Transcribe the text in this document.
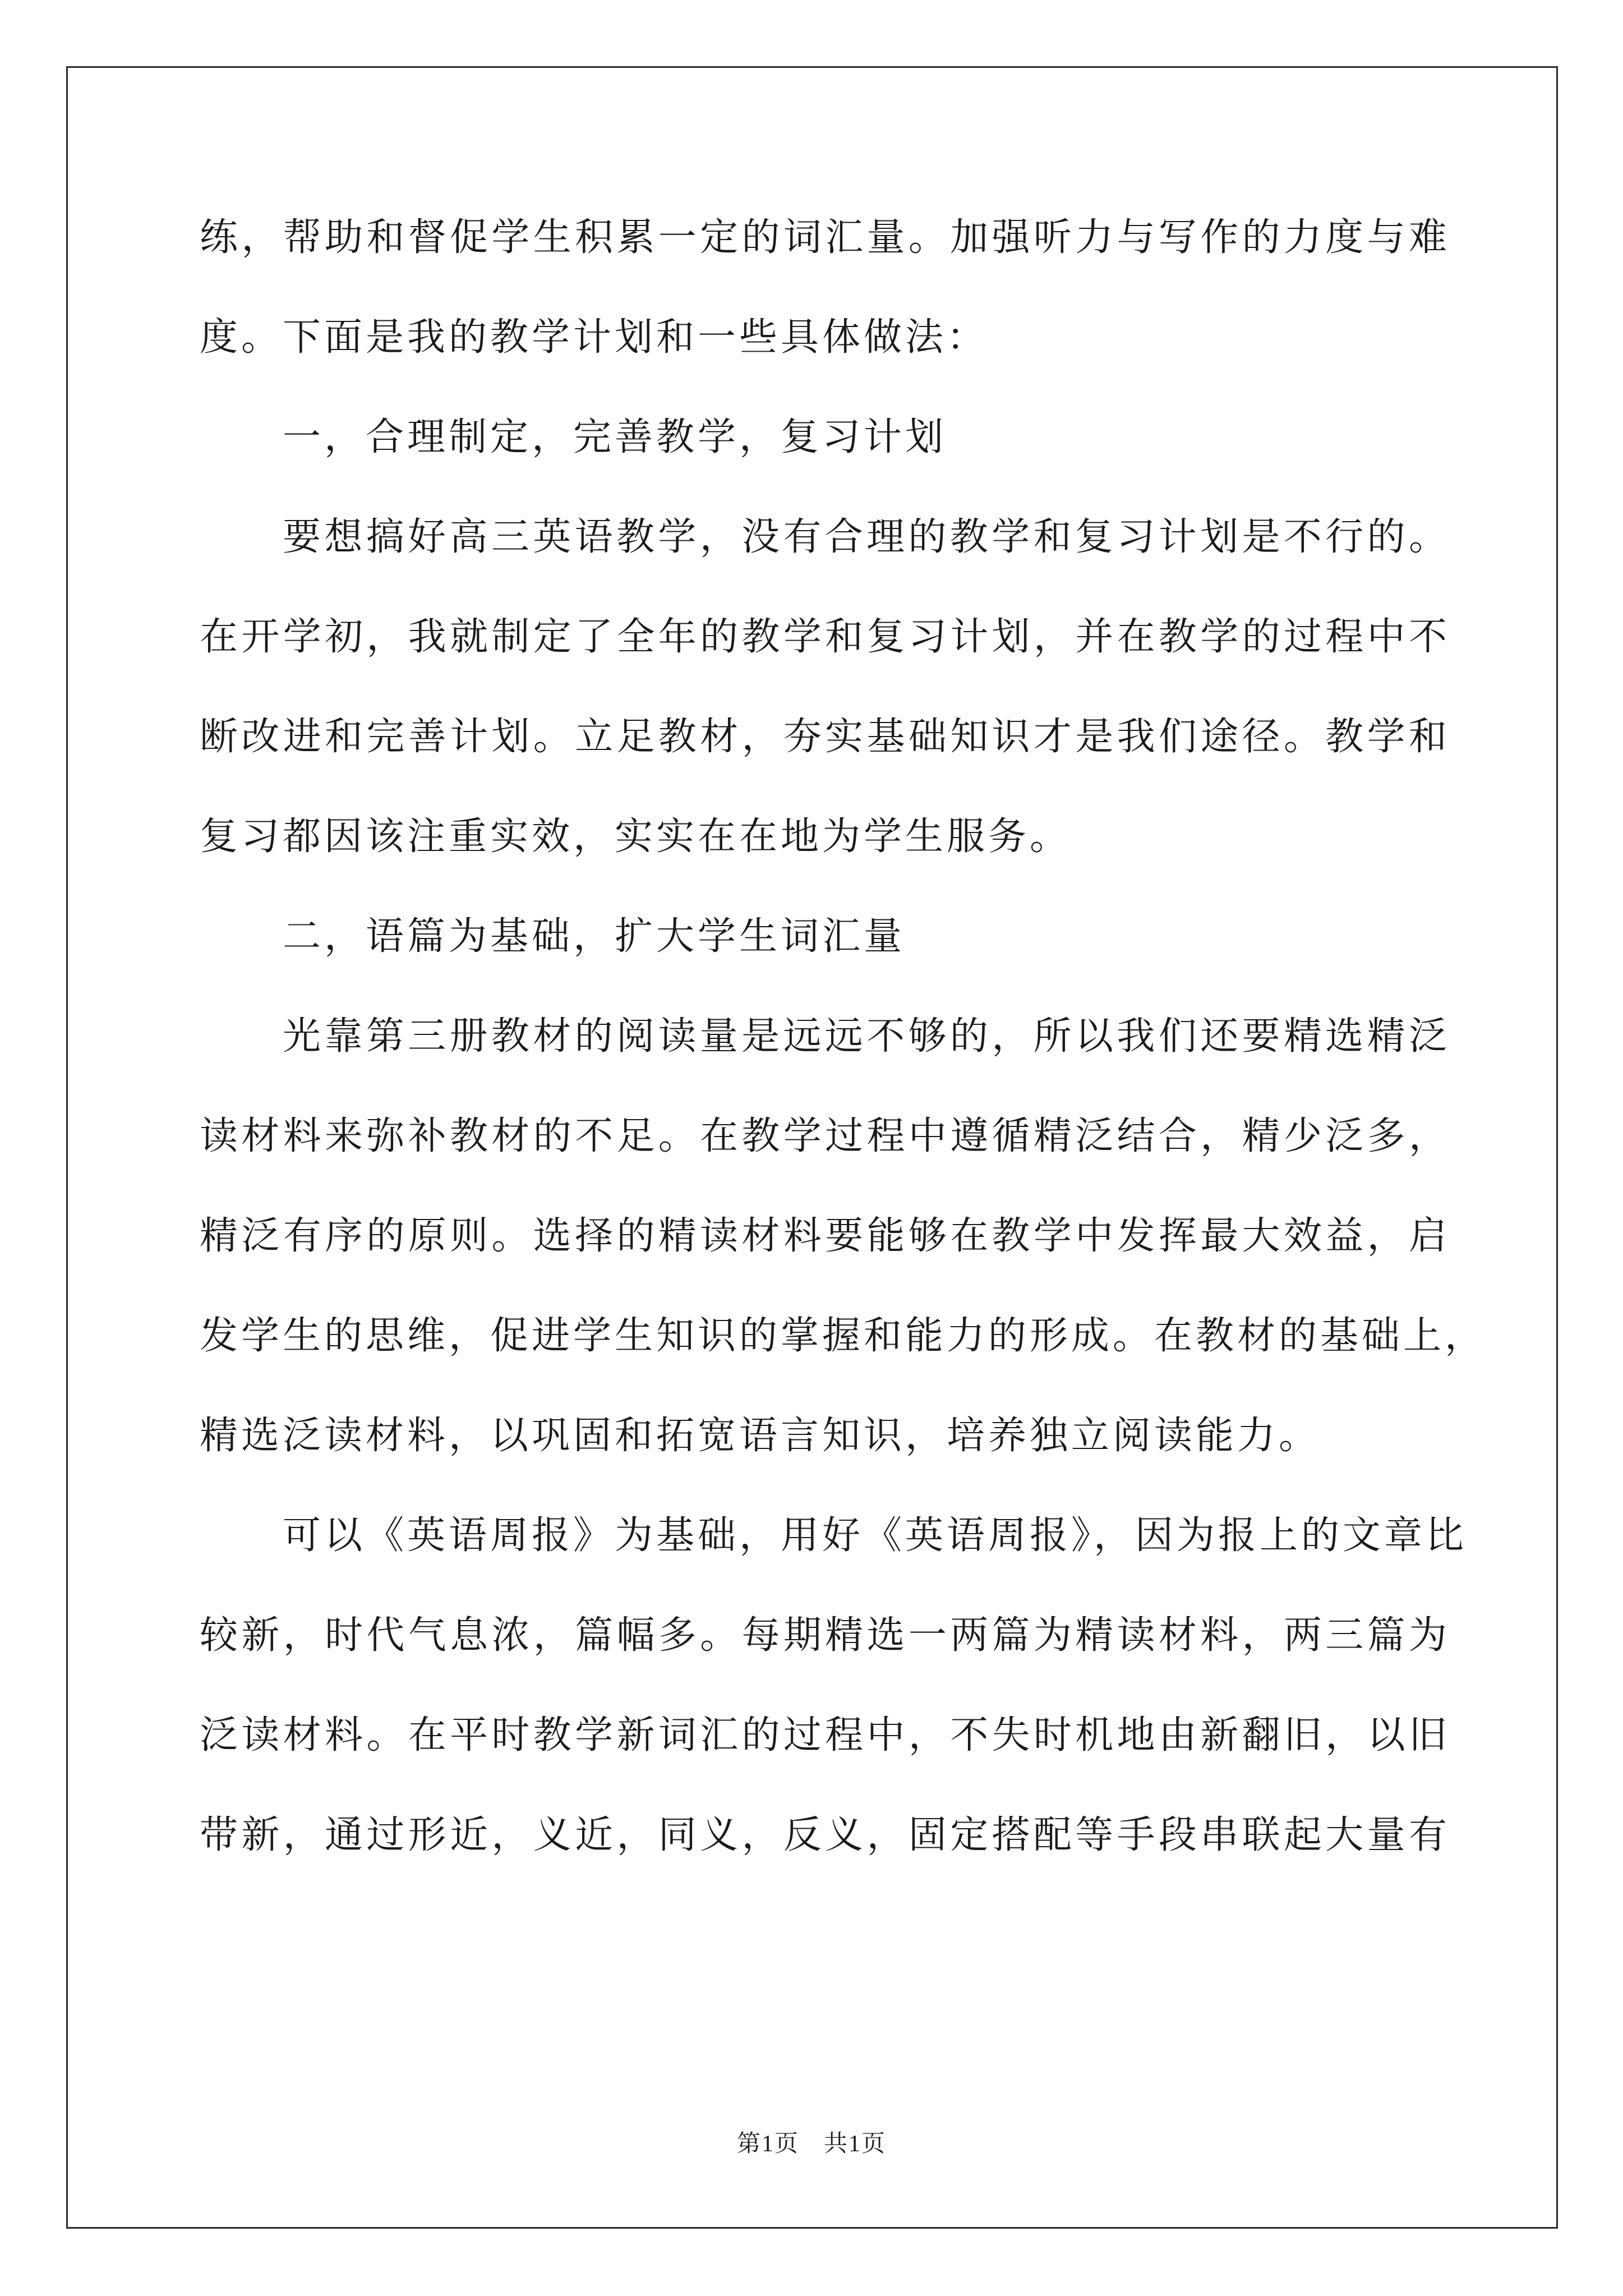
练，帮助和督促学生积累一定的词汇量。加强听力与写作的力度与难
度。下面是我的教学计划和一些具体做法：
一，合理制定，完善教学，复习计划
要想搞好高三英语教学，没有合理的教学和复习计划是不行的。
在开学初，我就制定了全年的教学和复习计划，并在教学的过程中不
断改进和完善计划。立足教材，夯实基础知识才是我们途径。教学和
复习都因该注重实效，实实在在地为学生服务。
二，语篇为基础，扩大学生词汇量
光靠第三册教材的阅读量是远远不够的，所以我们还要精选精泛
读材料来弥补教材的不足。在教学过程中遵循精泛结合，精少泛多，
精泛有序的原则。选择的精读材料要能够在教学中发挥最大效益，启
发学生的思维，促进学生知识的掌握和能力的形成。在教材的基础上，
精选泛读材料，以巩固和拓宽语言知识，培养独立阅读能力。
可以《英语周报》为基础，用好《英语周报》，因为报上的文章比
较新，时代气息浓，篇幅多。每期精选一两篇为精读材料，两三篇为
泛读材料。在平时教学新词汇的过程中，不失时机地由新翻旧，以旧
带新，通过形近，义近，同义，反义，固定搭配等手段串联起大量有
第1页　共1页
